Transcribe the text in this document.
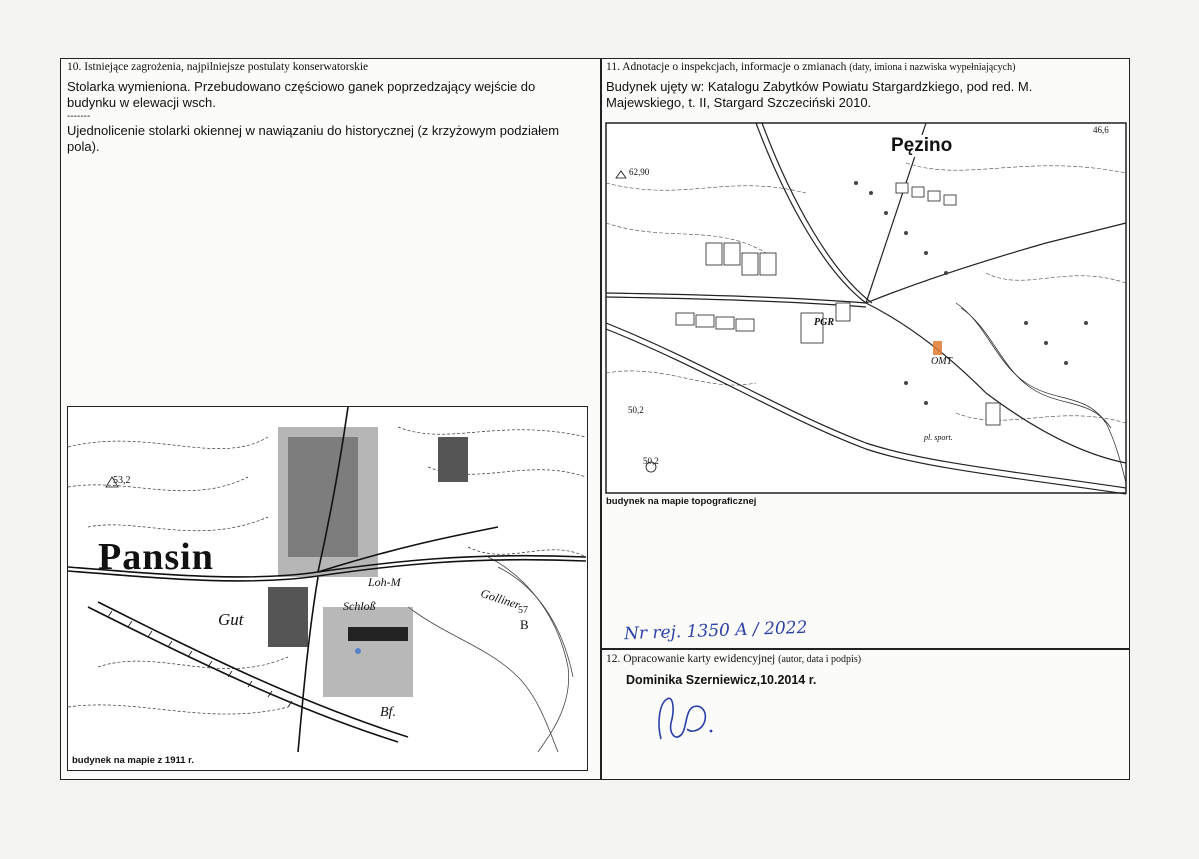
10. Istniejące zagrożenia, najpilniejsze postulaty konserwatorskie
Stolarka wymieniona. Przebudowano częściowo ganek poprzedzający wejście do
budynku w elewacji wsch.
-------
Ujednolicenie stolarki okiennej w nawiązaniu do historycznej (z krzyżowym podziałem
pola).
53,2
Pansin
Gut
Loh-M
Schloß
Bf.
Golliner
57
B
budynek na mapie z 1911 r.
11. Adnotacje o inspekcjach, informacje o zmianach (daty, imiona i nazwiska wypełniających)
Budynek ujęty w: Katalogu Zabytków Powiatu Stargardzkiego, pod red. M.
Majewskiego, t. II, Stargard Szczeciński 2010.
62,90
50,2
50,2
46,6
Pęzino
PGR
OMT
pl. sport.
budynek na mapie topograficznej
Nr rej. 1350 A / 2022
12. Opracowanie karty ewidencyjnej (autor, data i podpis)
Dominika Szerniewicz,10.2014 r.
